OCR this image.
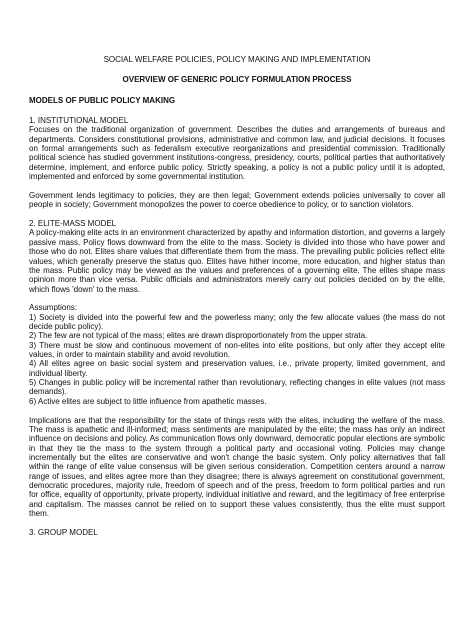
SOCIAL WELFARE POLICIES, POLICY MAKING AND IMPLEMENTATION
OVERVIEW OF GENERIC POLICY FORMULATION PROCESS
MODELS OF PUBLIC POLICY MAKING
1. INSTITUTIONAL MODEL

Focuses on the traditional organization of government. Describes the duties and arrangements of bureaus and departments. Considers constitutional provisions, administrative and common law, and judicial decisions. It focuses on formal arrangements such as federalism executive reorganizations and presidential commission. Traditionally political science has studied government institutions-congress, presidency, courts, political parties that authoritatively determine, implement, and enforce public policy. Strictly speaking, a policy is not a public policy until it is adopted, implemented and enforced by some governmental institution.

Government lends legitimacy to policies, they are then legal; Government extends policies universally to cover all people in society; Government monopolizes the power to coerce obedience to policy, or to sanction violators.

2. ELITE-MASS MODEL

A policy-making elite acts in an environment characterized by apathy and information distortion, and governs a largely passive mass. Policy flows downward from the elite to the mass. Society is divided into those who have power and those who do not. Elites share values that differentiate them from the mass. The prevailing public policies reflect elite values, which generally preserve the status quo. Elites have hither income, more education, and higher status than the mass. Public policy may be viewed as the values and preferences of a governing elite. The elites shape mass opinion more than vice versa. Public officials and administrators merely carry out policies decided on by the elite, which flows 'down' to the mass.

Assumptions:
1) Society is divided into the powerful few and the powerless many; only the few allocate values (the mass do not decide public policy).
2) The few are not typical of the mass; elites are drawn disproportionately from the upper strata.
3) There must be slow and continuous movement of non-elites into elite positions, but only after they accept elite values, in order to maintain stability and avoid revolution.
4) All elites agree on basic social system and preservation values, i.e., private property, limited government, and individual liberty.
5) Changes in public policy will be incremental rather than revolutionary, reflecting changes in elite values (not mass demands).
6) Active elites are subject to little influence from apathetic masses.

Implications are that the responsibility for the state of things rests with the elites, including the welfare of the mass. The mass is apathetic and ill-informed; mass sentiments are manipulated by the elite; the mass has only an indirect influence on decisions and policy. As communication flows only downward, democratic popular elections are symbolic in that they tie the mass to the system through a political party and occasional voting. Policies may change incrementally but the elites are conservative and won't change the basic system. Only policy alternatives that fall within the range of elite value consensus will be given serious consideration. Competition centers around a narrow range of issues, and elites agree more than they disagree; there is always agreement on constitutional government, democratic procedures, majority rule, freedom of speech and of the press, freedom to form political parties and run for office, equality of opportunity, private property, individual initiative and reward, and the legitimacy of free enterprise and capitalism. The masses cannot be relied on to support these values consistently, thus the elite must support them.

3. GROUP MODEL
